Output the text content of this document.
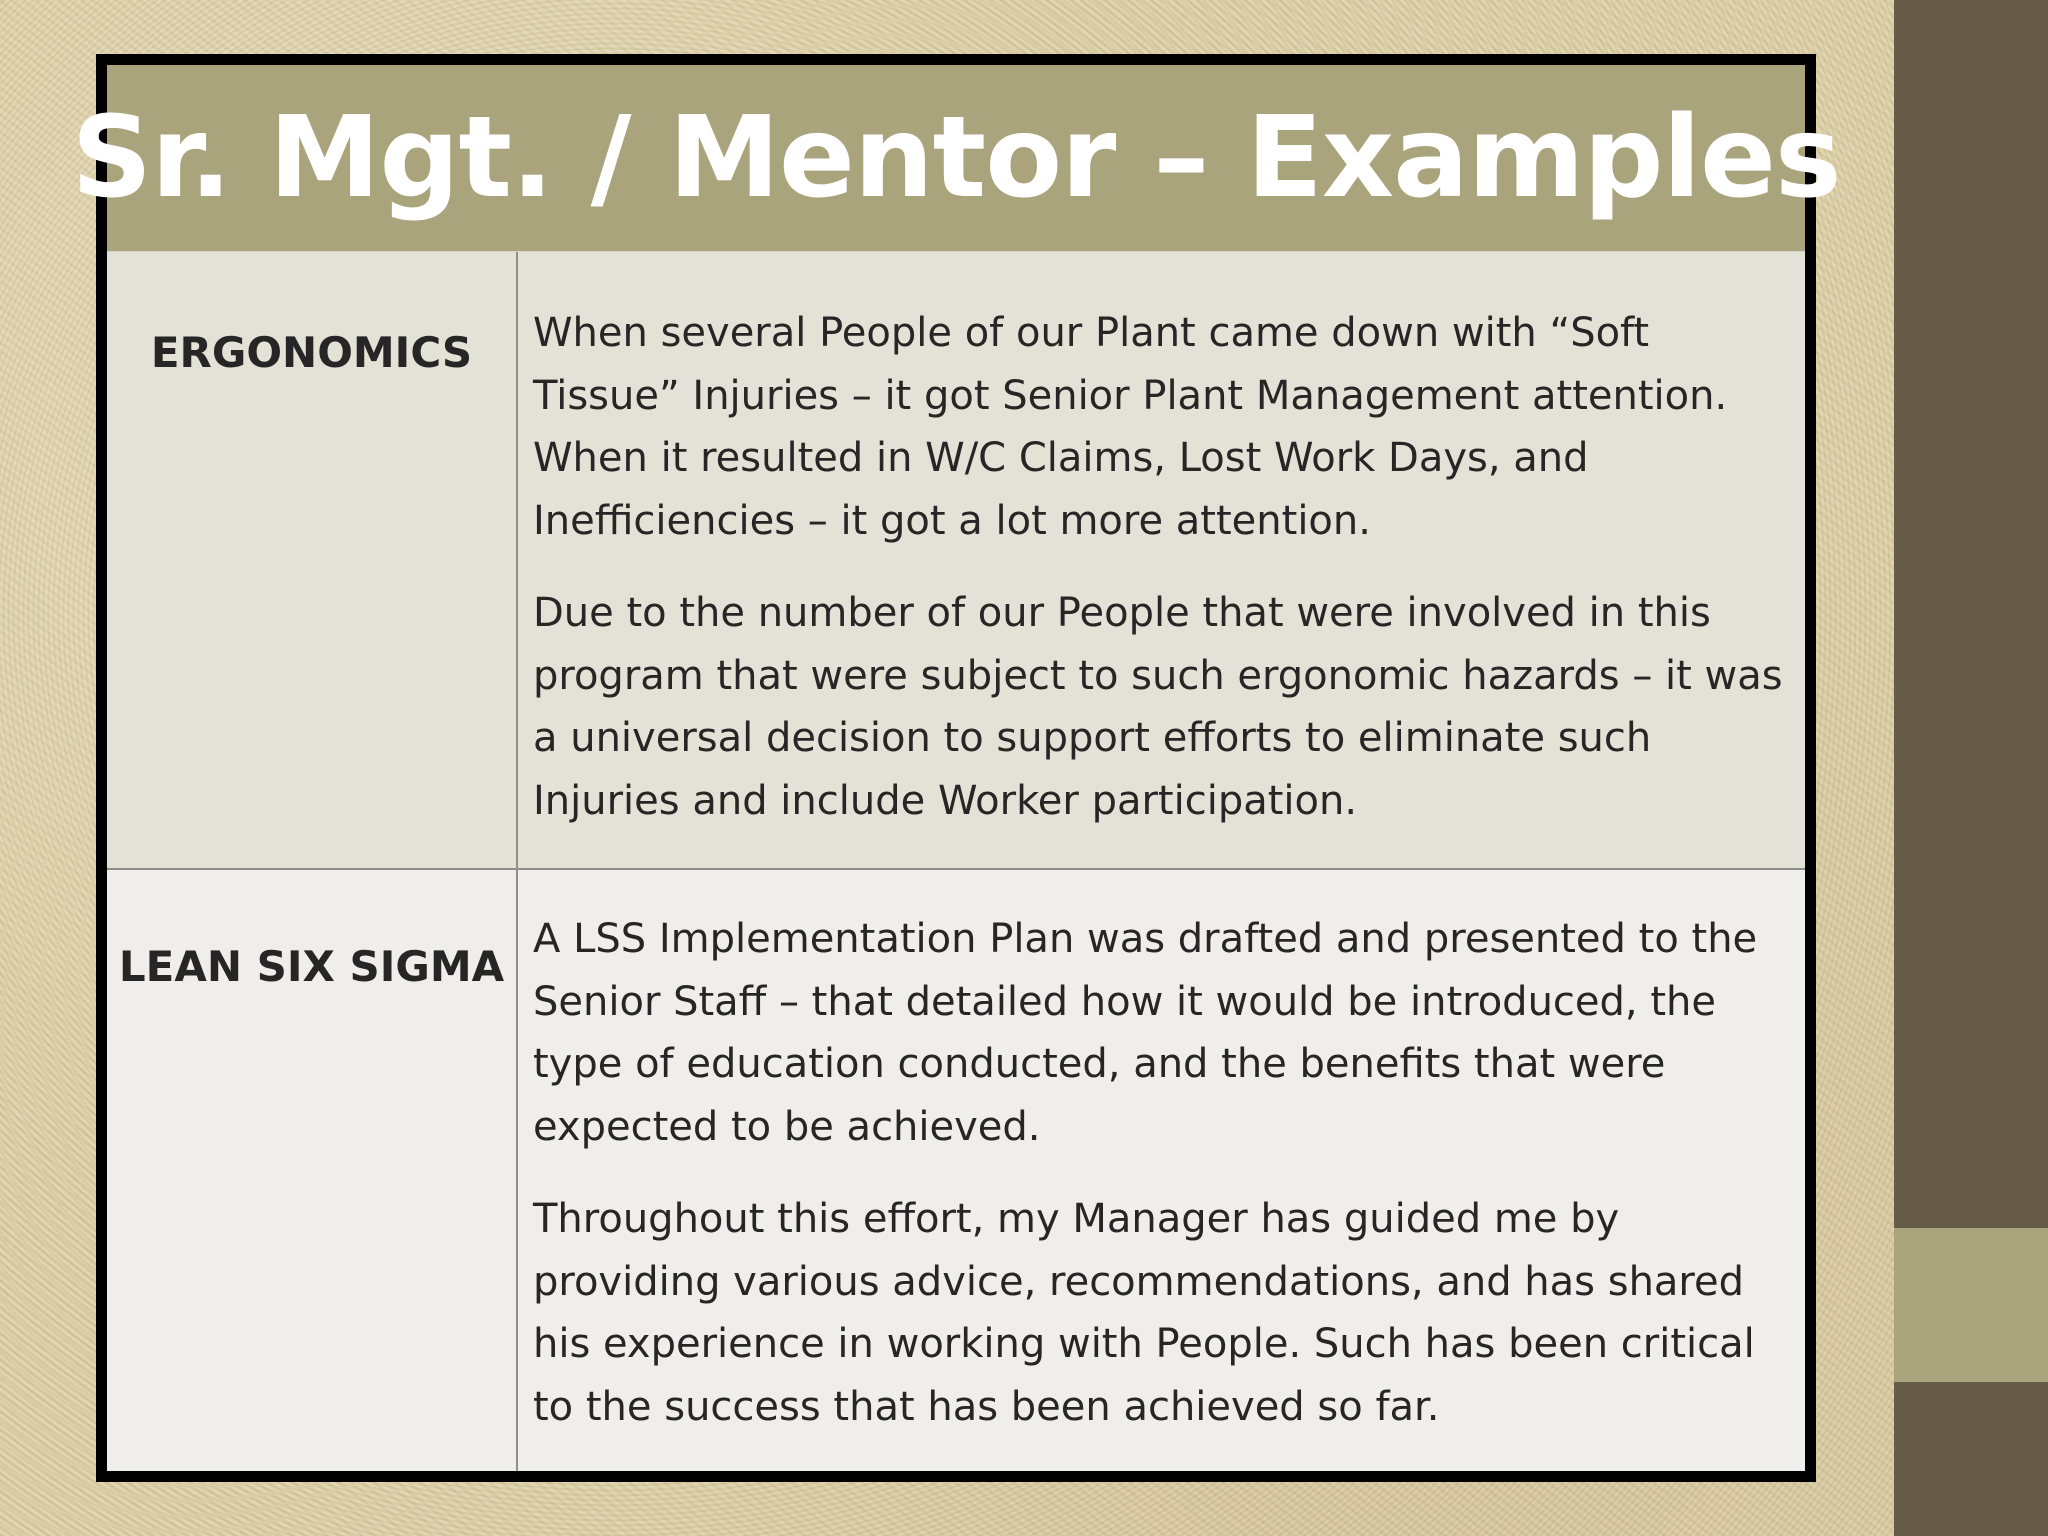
Sr. Mgt. / Mentor – Examples
ERGONOMICS	When several People of our Plant came down with “Soft Tissue” Injuries – it got Senior Plant Management attention. When it resulted in W/C Claims, Lost Work Days, and Inefficiencies – it got a lot more attention.

Due to the number of our People that were involved in this program that were subject to such ergonomic hazards – it was a universal decision to support efforts to eliminate such Injuries and include Worker participation.

LEAN SIX SIGMA

A LSS Implementation Plan was drafted and presented to the Senior Staff – that detailed how it would be introduced, the type of education conducted, and the benefits that were expected to be achieved.

Throughout this effort, my Manager has guided me by providing various advice, recommendations, and has shared his experience in working with People. Such has been critical to the success that has been achieved so far.
